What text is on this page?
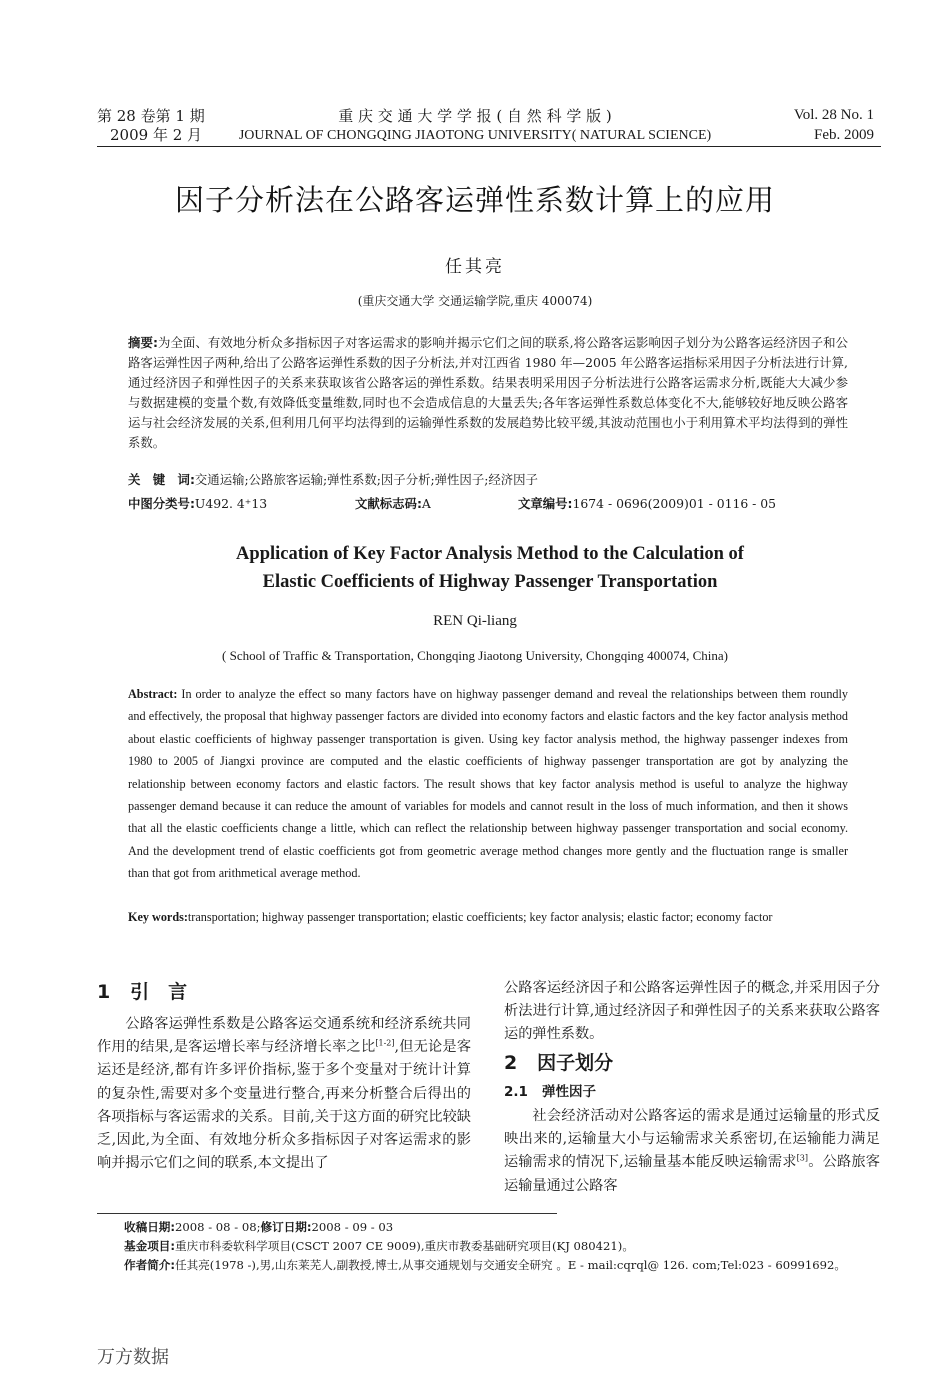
第 28 卷第 1 期
2009 年 2 月
重 庆 交 通 大 学 学 报 ( 自 然 科 学 版 )
JOURNAL OF CHONGQING JIAOTONG UNIVERSITY( NATURAL SCIENCE)
Vol. 28 No. 1
Feb. 2009
因子分析法在公路客运弹性系数计算上的应用
任其亮
(重庆交通大学 交通运输学院,重庆 400074)
摘要:为全面、有效地分析众多指标因子对客运需求的影响并揭示它们之间的联系,将公路客运影响因子划分为公路客运经济因子和公路客运弹性因子两种,给出了公路客运弹性系数的因子分析法,并对江西省 1980 年—2005 年公路客运指标采用因子分析法进行计算,通过经济因子和弹性因子的关系来获取该省公路客运的弹性系数。结果表明采用因子分析法进行公路客运需求分析,既能大大减少参与数据建模的变量个数,有效降低变量维数,同时也不会造成信息的大量丢失;各年客运弹性系数总体变化不大,能够较好地反映公路客运与社会经济发展的关系,但利用几何平均法得到的运输弹性系数的发展趋势比较平缓,其波动范围也小于利用算术平均法得到的弹性系数。
关　键　词:交通运输;公路旅客运输;弹性系数;因子分析;弹性因子;经济因子
中图分类号:U492. 4⁺13	文献标志码:A	文章编号:1674 - 0696(2009)01 - 0116 - 05
Application of Key Factor Analysis Method to the Calculation of
Elastic Coefficients of Highway Passenger Transportation
REN Qi-liang
( School of Traffic & Transportation, Chongqing Jiaotong University, Chongqing 400074, China)
Abstract: In order to analyze the effect so many factors have on highway passenger demand and reveal the relationships between them roundly and effectively, the proposal that highway passenger factors are divided into economy factors and elastic factors and the key factor analysis method about elastic coefficients of highway passenger transportation is given. Using key factor analysis method, the highway passenger indexes from 1980 to 2005 of Jiangxi province are computed and the elastic coefficients of highway passenger transportation are got by analyzing the relationship between economy factors and elastic factors. The result shows that key factor analysis method is useful to analyze the highway passenger demand because it can reduce the amount of variables for models and cannot result in the loss of much information, and then it shows that all the elastic coefficients change a little, which can reflect the relationship between highway passenger transportation and social economy. And the development trend of elastic coefficients got from geometric average method changes more gently and the fluctuation range is smaller than that got from arithmetical average method.
Key words:transportation; highway passenger transportation; elastic coefficients; key factor analysis; elastic factor; economy factor
1 引　言
公路客运弹性系数是公路客运交通系统和经济系统共同作用的结果,是客运增长率与经济增长率之比[1-2],但无论是客运还是经济,都有许多评价指标,鉴于多个变量对于统计计算的复杂性,需要对多个变量进行整合,再来分析整合后得出的各项指标与客运需求的关系。目前,关于这方面的研究比较缺乏,因此,为全面、有效地分析众多指标因子对客运需求的影响并揭示它们之间的联系,本文提出了
公路客运经济因子和公路客运弹性因子的概念,并采用因子分析法进行计算,通过经济因子和弹性因子的关系来获取公路客运的弹性系数。
2 因子划分
2.1 弹性因子
社会经济活动对公路客运的需求是通过运输量的形式反映出来的,运输量大小与运输需求关系密切,在运输能力满足运输需求的情况下,运输量基本能反映运输需求[3]。公路旅客运输量通过公路客
收稿日期:2008 - 08 - 08;修订日期:2008 - 09 - 03
基金项目:重庆市科委软科学项目(CSCT 2007 CE 9009),重庆市教委基础研究项目(KJ 080421)。
作者简介:任其亮(1978 -),男,山东莱芜人,副教授,博士,从事交通规划与交通安全研究 。E - mail:cqrql@ 126. com;Tel:023 - 60991692。
万方数据
